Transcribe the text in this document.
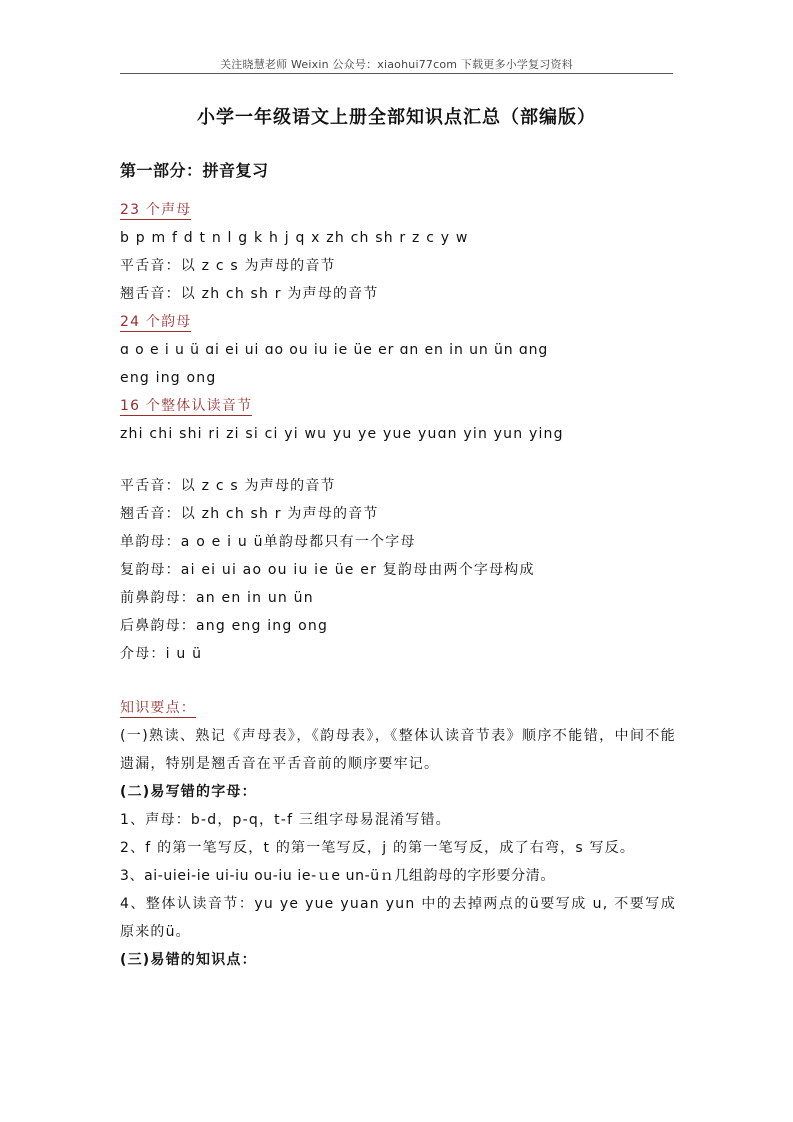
关注晓慧老师 Weixin 公众号：xiaohui77com 下载更多小学复习资料
小学一年级语文上册全部知识点汇总（部编版）
第一部分：拼音复习
23 个声母
b p m f d t n l g k h j q x zh ch sh r z c y w
平舌音：以 z c s 为声母的音节
翘舌音：以 zh ch sh r 为声母的音节
24 个韵母
ɑ o e i u ü ɑi ei ui ɑo ou iu ie üe er ɑn en in un ün ɑng
eng ing ong
16 个整体认读音节
zhi chi shi ri zi si ci yi wu yu ye yue yuɑn yin yun ying
平舌音：以 z c s 为声母的音节
翘舌音：以 zh ch sh r 为声母的音节
单韵母：a o e i u ü单韵母都只有一个字母
复韵母：ai ei ui ao ou iu ie üe er 复韵母由两个字母构成
前鼻韵母：an en in un ün
后鼻韵母：ang eng ing ong
介母：i u ü
知识要点：
(一)熟读、熟记《声母表》，《韵母表》，《整体认读音节表》顺序不能错，中间不能遗漏，特别是翘舌音在平舌音前的顺序要牢记。
(二)易写错的字母：
1、声母：b-d，p-q，t-f 三组字母易混淆写错。
2、f 的第一笔写反，t 的第一笔写反，j 的第一笔写反，成了右弯，s 写反。
3、ai-uiei-ie ui-iu ou-iu ie-ｕe un-üｎ几组韵母的字形要分清。
4、整体认读音节：yu ye yue yuan yun 中的去掉两点的ü要写成 u, 不要写成原来的ü。
(三)易错的知识点：
